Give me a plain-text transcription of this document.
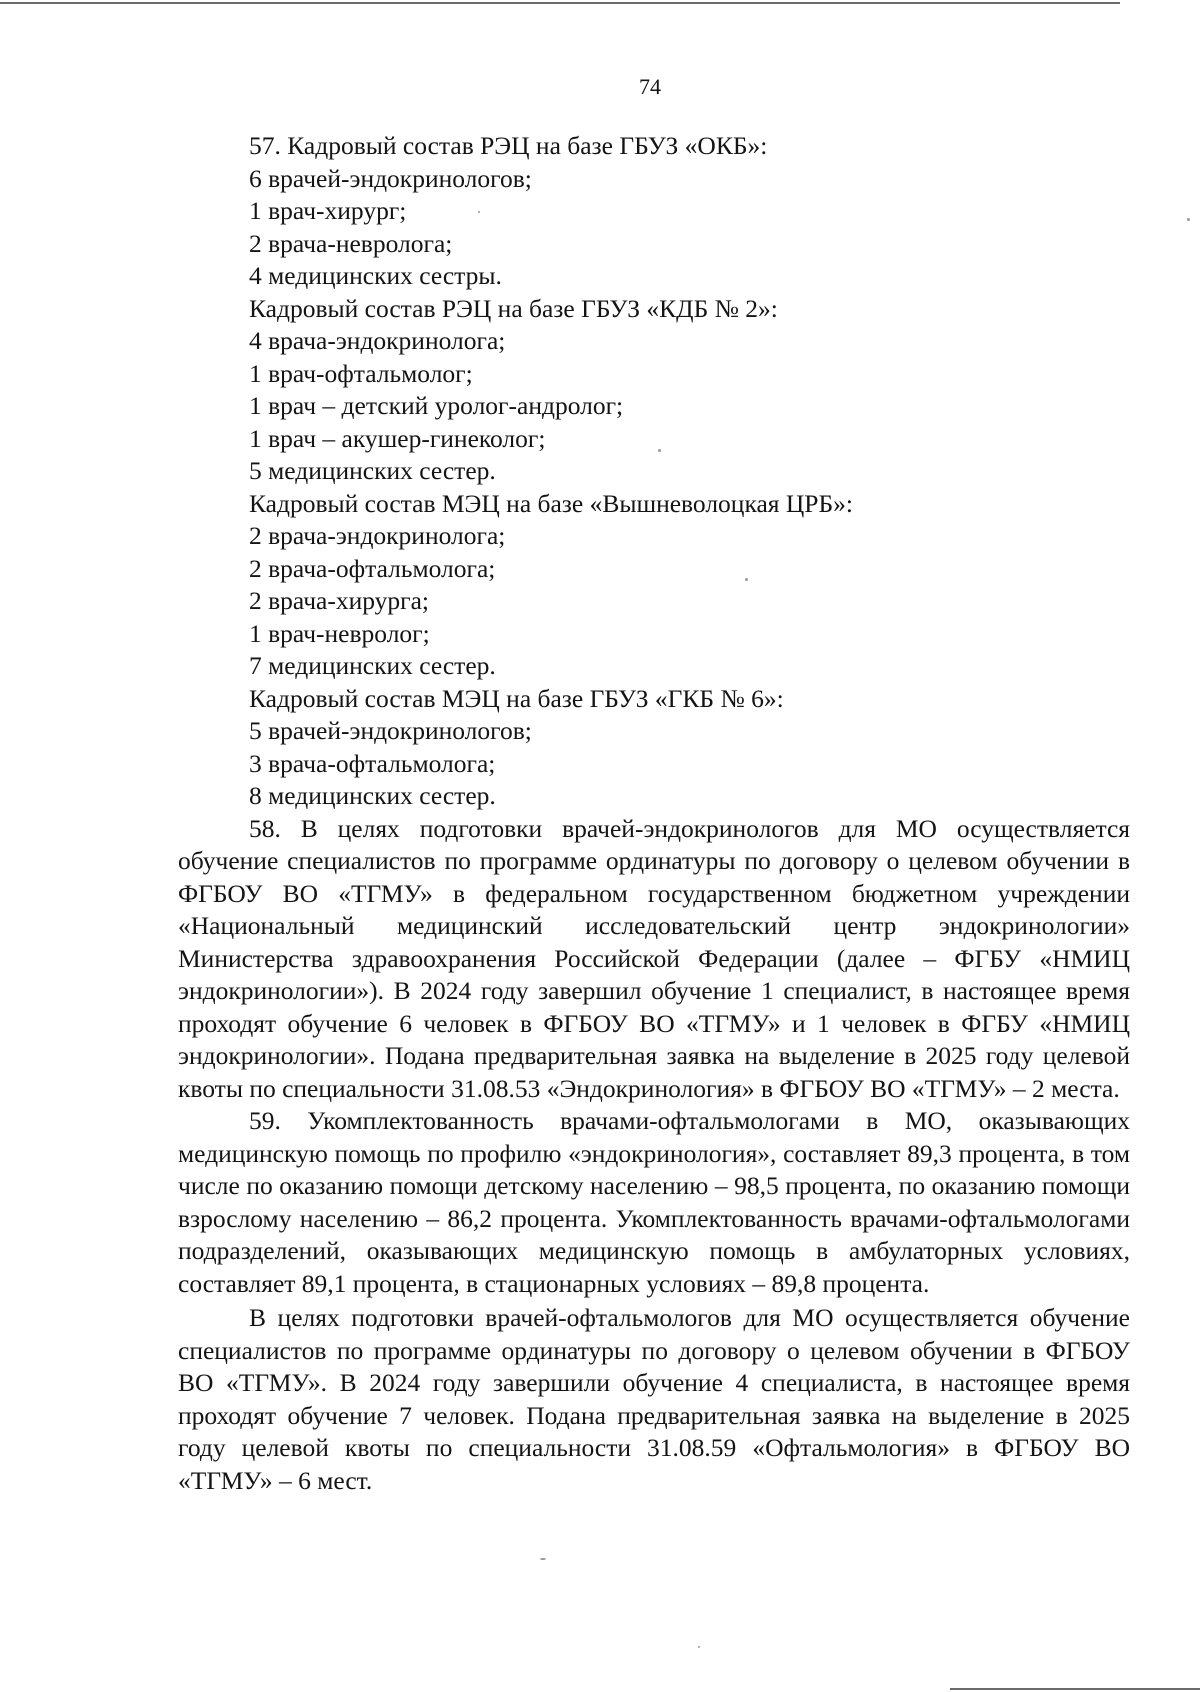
74

57. Кадровый состав РЭЦ на базе ГБУЗ «ОКБ»:

6 врачей-эндокринологов;

1 врач-хирург;

2 врача-невролога;

4 медицинских сестры.

Кадровый состав РЭЦ на базе ГБУЗ «КДБ № 2»:

4 врача-эндокринолога;

1 врач-офтальмолог;

1 врач – детский уролог-андролог;

1 врач – акушер-гинеколог;

5 медицинских сестер.

Кадровый состав МЭЦ на базе «Вышневолоцкая ЦРБ»:

2 врача-эндокринолога;

2 врача-офтальмолога;

2 врача-хирурга;

1 врач-невролог;

7 медицинских сестер.

Кадровый состав МЭЦ на базе ГБУЗ «ГКБ № 6»:

5 врачей-эндокринологов;

3 врача-офтальмолога;

8 медицинских сестер.

58. В целях подготовки врачей-эндокринологов для МО осуществляется обучение специалистов по программе ординатуры по договору о целевом обучении в ФГБОУ ВО «ТГМУ» в федеральном государственном бюджетном учреждении «Национальный медицинский исследовательский центр эндокринологии» Министерства здравоохранения Российской Федерации (далее – ФГБУ «НМИЦ эндокринологии»). В 2024 году завершил обучение 1 специалист, в настоящее время проходят обучение 6 человек в ФГБОУ ВО «ТГМУ» и 1 человек в ФГБУ «НМИЦ эндокринологии». Подана предварительная заявка на выделение в 2025 году целевой квоты по специальности 31.08.53 «Эндокринология» в ФГБОУ ВО «ТГМУ» – 2 места.

59. Укомплектованность врачами-офтальмологами в МО, оказывающих медицинскую помощь по профилю «эндокринология», составляет 89,3 процента, в том числе по оказанию помощи детскому населению – 98,5 процента, по оказанию помощи взрослому населению – 86,2 процента. Укомплектованность врачами-офтальмологами подразделений, оказывающих медицинскую помощь в амбулаторных условиях, составляет 89,1 процента, в стационарных условиях – 89,8 процента.

В целях подготовки врачей-офтальмологов для МО осуществляется обучение специалистов по программе ординатуры по договору о целевом обучении в ФГБОУ ВО «ТГМУ». В 2024 году завершили обучение 4 специалиста, в настоящее время проходят обучение 7 человек. Подана предварительная заявка на выделение в 2025 году целевой квоты по специальности 31.08.59 «Офтальмология» в ФГБОУ ВО «ТГМУ» – 6 мест.
